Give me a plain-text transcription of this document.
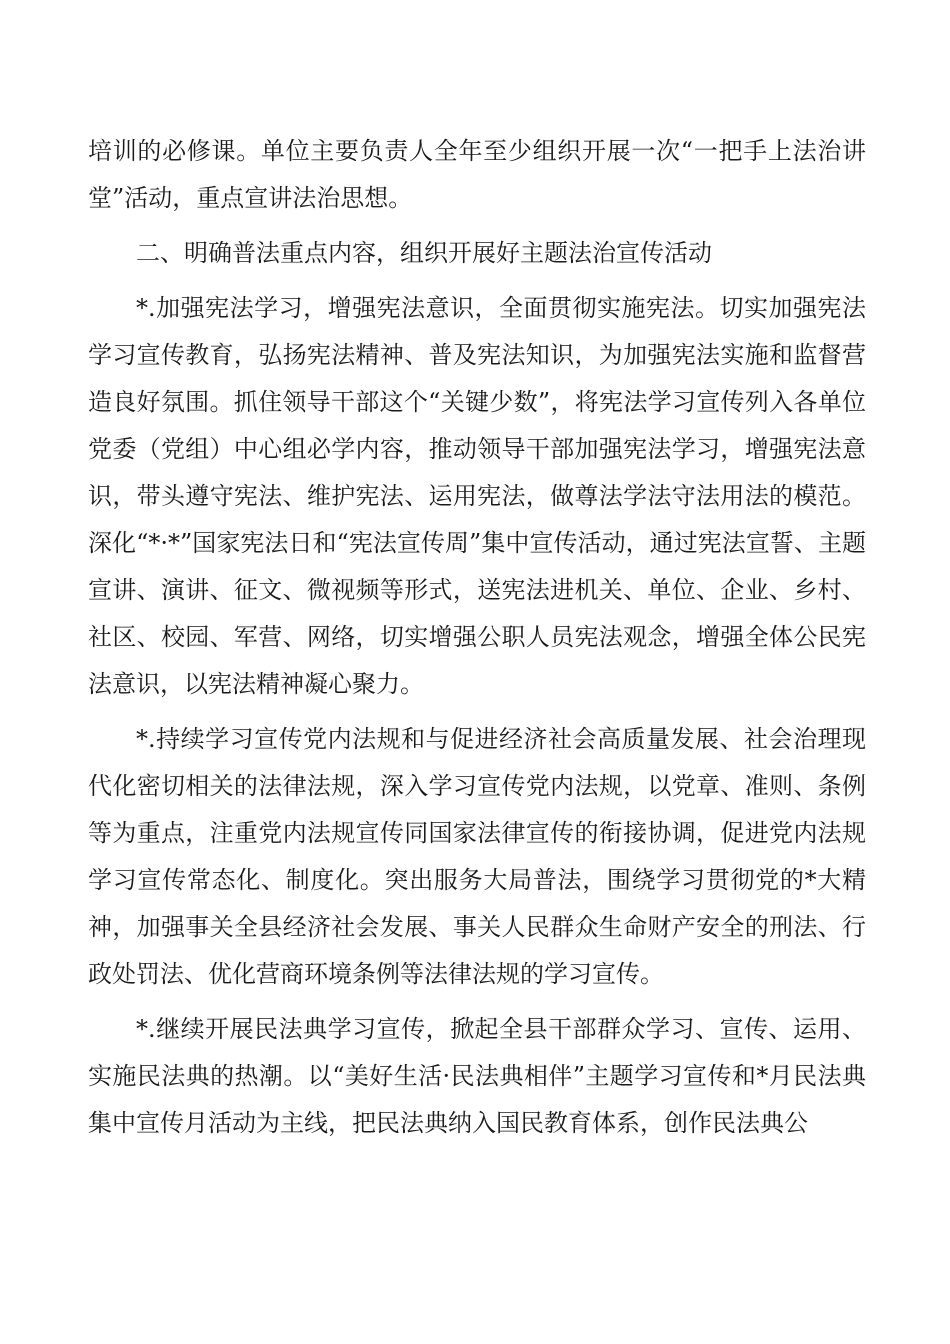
培训的必修课。单位主要负责人全年至少组织开展一次“一把手上法治讲堂”活动，重点宣讲法治思想。

二、明确普法重点内容，组织开展好主题法治宣传活动

*.加强宪法学习，增强宪法意识，全面贯彻实施宪法。切实加强宪法学习宣传教育，弘扬宪法精神、普及宪法知识，为加强宪法实施和监督营造良好氛围。抓住领导干部这个“关键少数”，将宪法学习宣传列入各单位党委（党组）中心组必学内容，推动领导干部加强宪法学习，增强宪法意识，带头遵守宪法、维护宪法、运用宪法，做尊法学法守法用法的模范。深化“*·*”国家宪法日和“宪法宣传周”集中宣传活动，通过宪法宣誓、主题宣讲、演讲、征文、微视频等形式，送宪法进机关、单位、企业、乡村、社区、校园、军营、网络，切实增强公职人员宪法观念，增强全体公民宪法意识，以宪法精神凝心聚力。

*.持续学习宣传党内法规和与促进经济社会高质量发展、社会治理现代化密切相关的法律法规，深入学习宣传党内法规，以党章、准则、条例等为重点，注重党内法规宣传同国家法律宣传的衔接协调，促进党内法规学习宣传常态化、制度化。突出服务大局普法，围绕学习贯彻党的*大精神，加强事关全县经济社会发展、事关人民群众生命财产安全的刑法、行政处罚法、优化营商环境条例等法律法规的学习宣传。

*.继续开展民法典学习宣传，掀起全县干部群众学习、宣传、运用、实施民法典的热潮。以“美好生活·民法典相伴”主题学习宣传和*月民法典集中宣传月活动为主线，把民法典纳入国民教育体系，创作民法典公
